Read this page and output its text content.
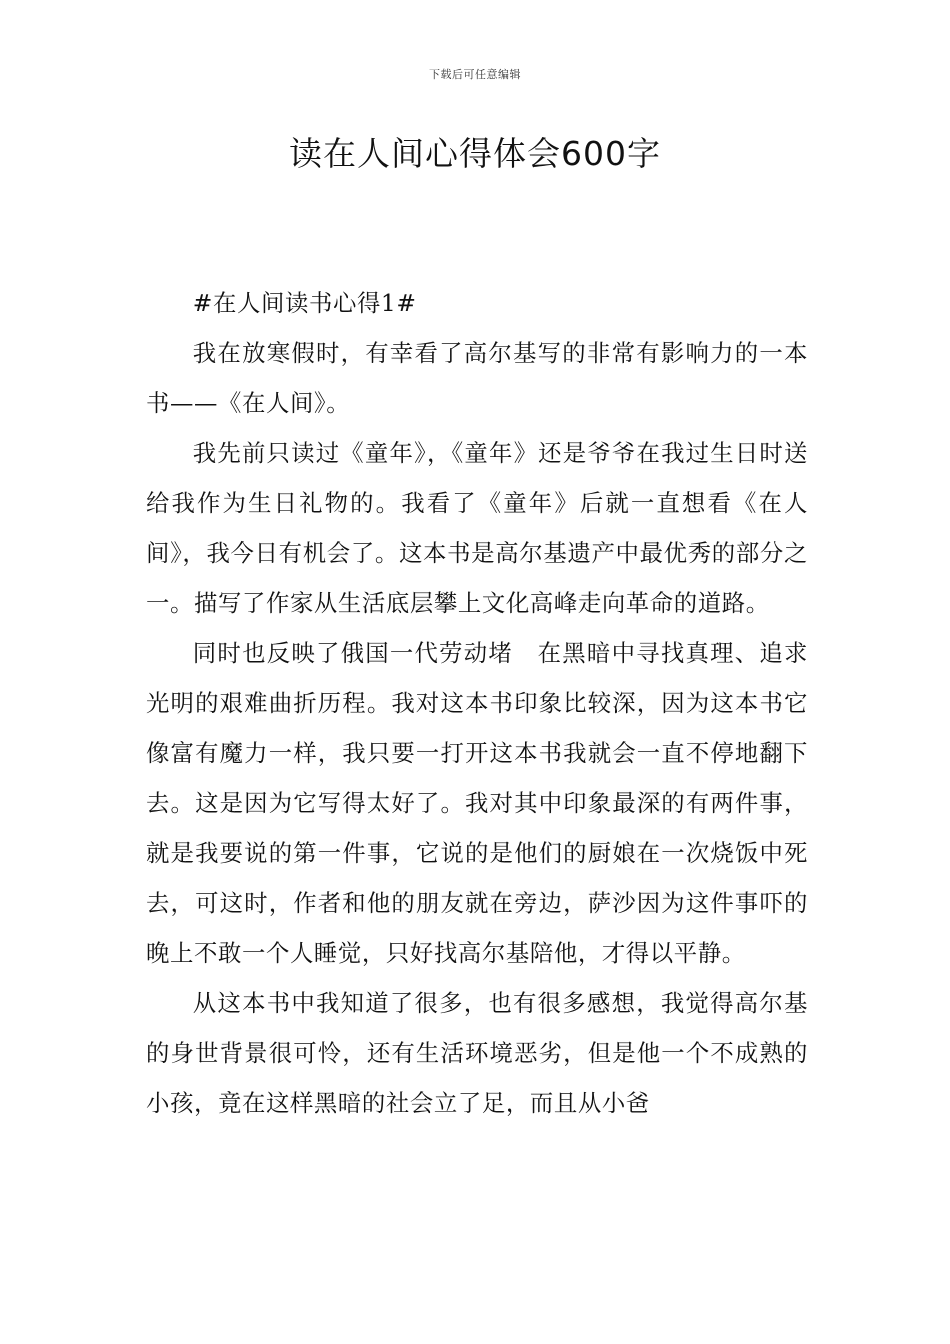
下载后可任意编辑
读在人间心得体会600字

#在人间读书心得1#

我在放寒假时，有幸看了高尔基写的非常有影响力的一本书——《在人间》。

我先前只读过《童年》，《童年》还是爷爷在我过生日时送给我作为生日礼物的。我看了《童年》后就一直想看《在人间》，我今日有机会了。这本书是高尔基遗产中最优秀的部分之一。描写了作家从生活底层攀上文化高峰走向革命的道路。

同时也反映了俄国一代劳动堵　在黑暗中寻找真理、追求光明的艰难曲折历程。我对这本书印象比较深，因为这本书它像富有魔力一样，我只要一打开这本书我就会一直不停地翻下去。这是因为它写得太好了。我对其中印象最深的有两件事，就是我要说的第一件事，它说的是他们的厨娘在一次烧饭中死去，可这时，作者和他的朋友就在旁边，萨沙因为这件事吓的晚上不敢一个人睡觉，只好找高尔基陪他，才得以平静。

从这本书中我知道了很多，也有很多感想，我觉得高尔基的身世背景很可怜，还有生活环境恶劣，但是他一个不成熟的小孩，竟在这样黑暗的社会立了足，而且从小爸
